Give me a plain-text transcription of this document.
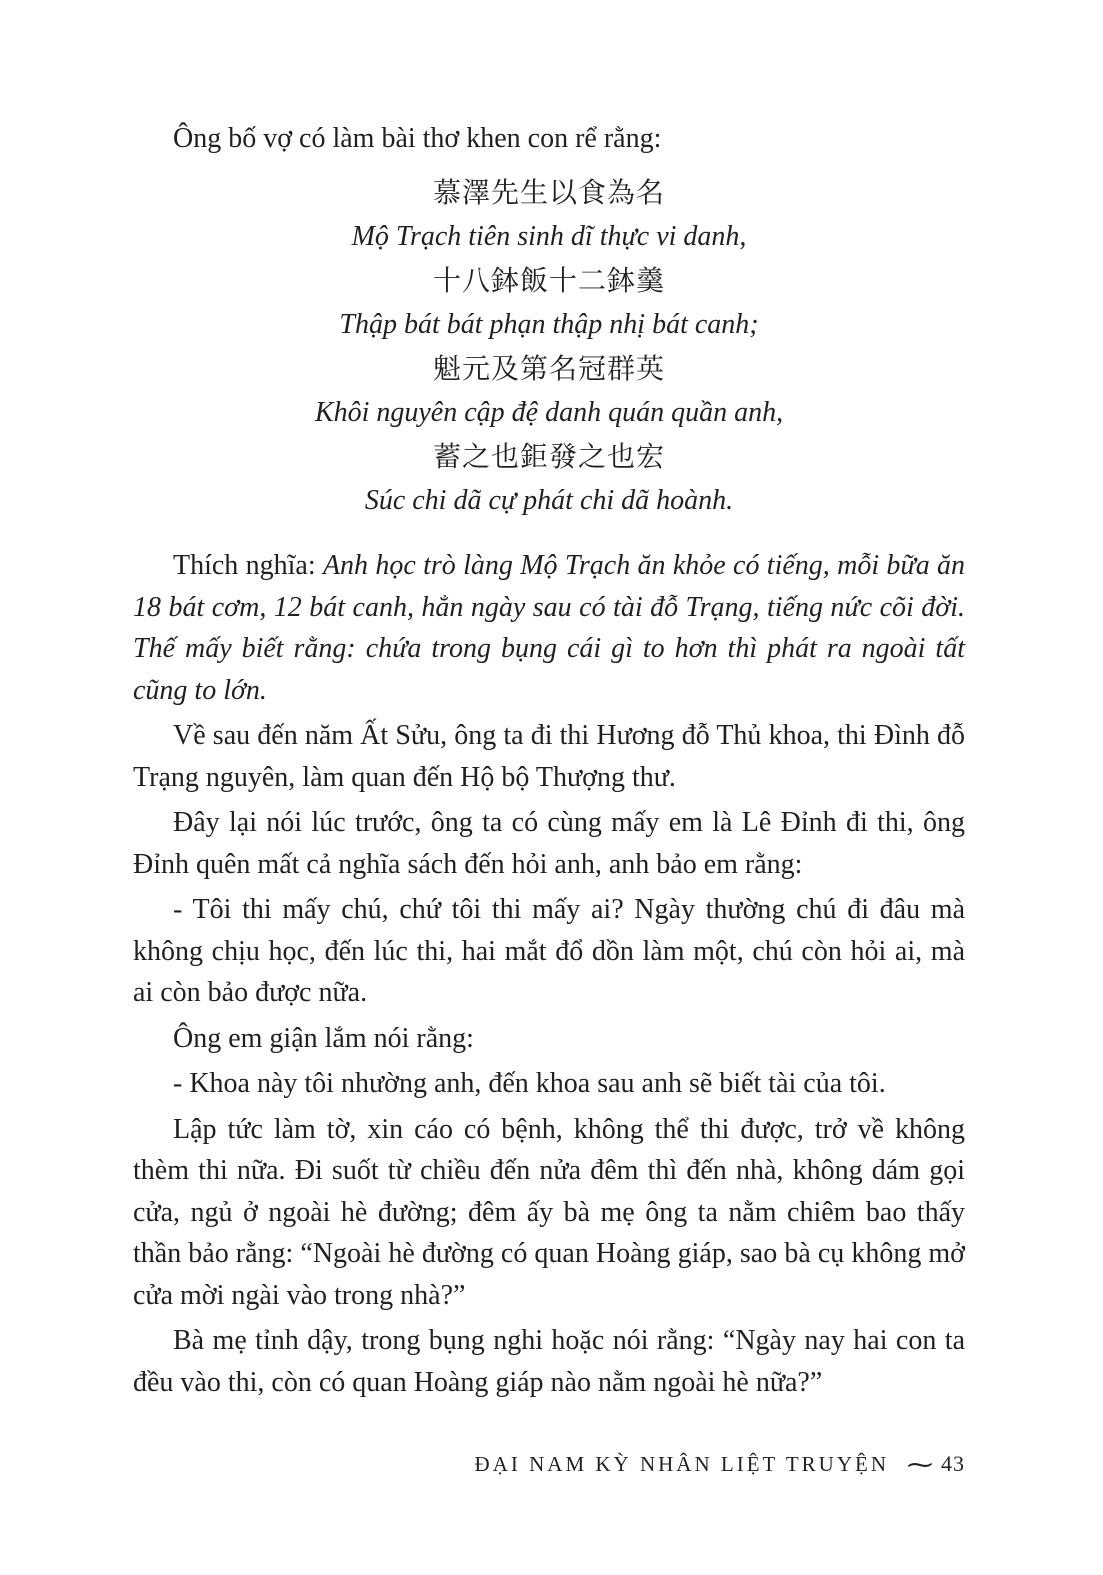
Ông bố vợ có làm bài thơ khen con rể rằng:

慕澤先生以食為名
Mộ Trạch tiên sinh dĩ thực vi danh,
十八鉢飯十二鉢羹
Thập bát bát phạn thập nhị bát canh;
魁元及第名冠群英
Khôi nguyên cập đệ danh quán quần anh,
蓄之也鉅發之也宏
Súc chi dã cự phát chi dã hoành.

Thích nghĩa: Anh học trò làng Mộ Trạch ăn khỏe có tiếng, mỗi bữa ăn 18 bát cơm, 12 bát canh, hẳn ngày sau có tài đỗ Trạng, tiếng nức cõi đời. Thế mấy biết rằng: chứa trong bụng cái gì to hơn thì phát ra ngoài tất cũng to lớn.

Về sau đến năm Ất Sửu, ông ta đi thi Hương đỗ Thủ khoa, thi Đình đỗ Trạng nguyên, làm quan đến Hộ bộ Thượng thư.

Đây lại nói lúc trước, ông ta có cùng mấy em là Lê Đỉnh đi thi, ông Đỉnh quên mất cả nghĩa sách đến hỏi anh, anh bảo em rằng:

- Tôi thi mấy chú, chứ tôi thi mấy ai? Ngày thường chú đi đâu mà không chịu học, đến lúc thi, hai mắt đổ dồn làm một, chú còn hỏi ai, mà ai còn bảo được nữa.

Ông em giận lắm nói rằng:

- Khoa này tôi nhường anh, đến khoa sau anh sẽ biết tài của tôi.

Lập tức làm tờ, xin cáo có bệnh, không thể thi được, trở về không thèm thi nữa. Đi suốt từ chiều đến nửa đêm thì đến nhà, không dám gọi cửa, ngủ ở ngoài hè đường; đêm ấy bà mẹ ông ta nằm chiêm bao thấy thần bảo rằng: “Ngoài hè đường có quan Hoàng giáp, sao bà cụ không mở cửa mời ngài vào trong nhà?”

Bà mẹ tỉnh dậy, trong bụng nghi hoặc nói rằng: “Ngày nay hai con ta đều vào thi, còn có quan Hoàng giáp nào nằm ngoài hè nữa?”

ĐẠI NAM KỲ NHÂN LIỆT TRUYỆN ⁓ 43
